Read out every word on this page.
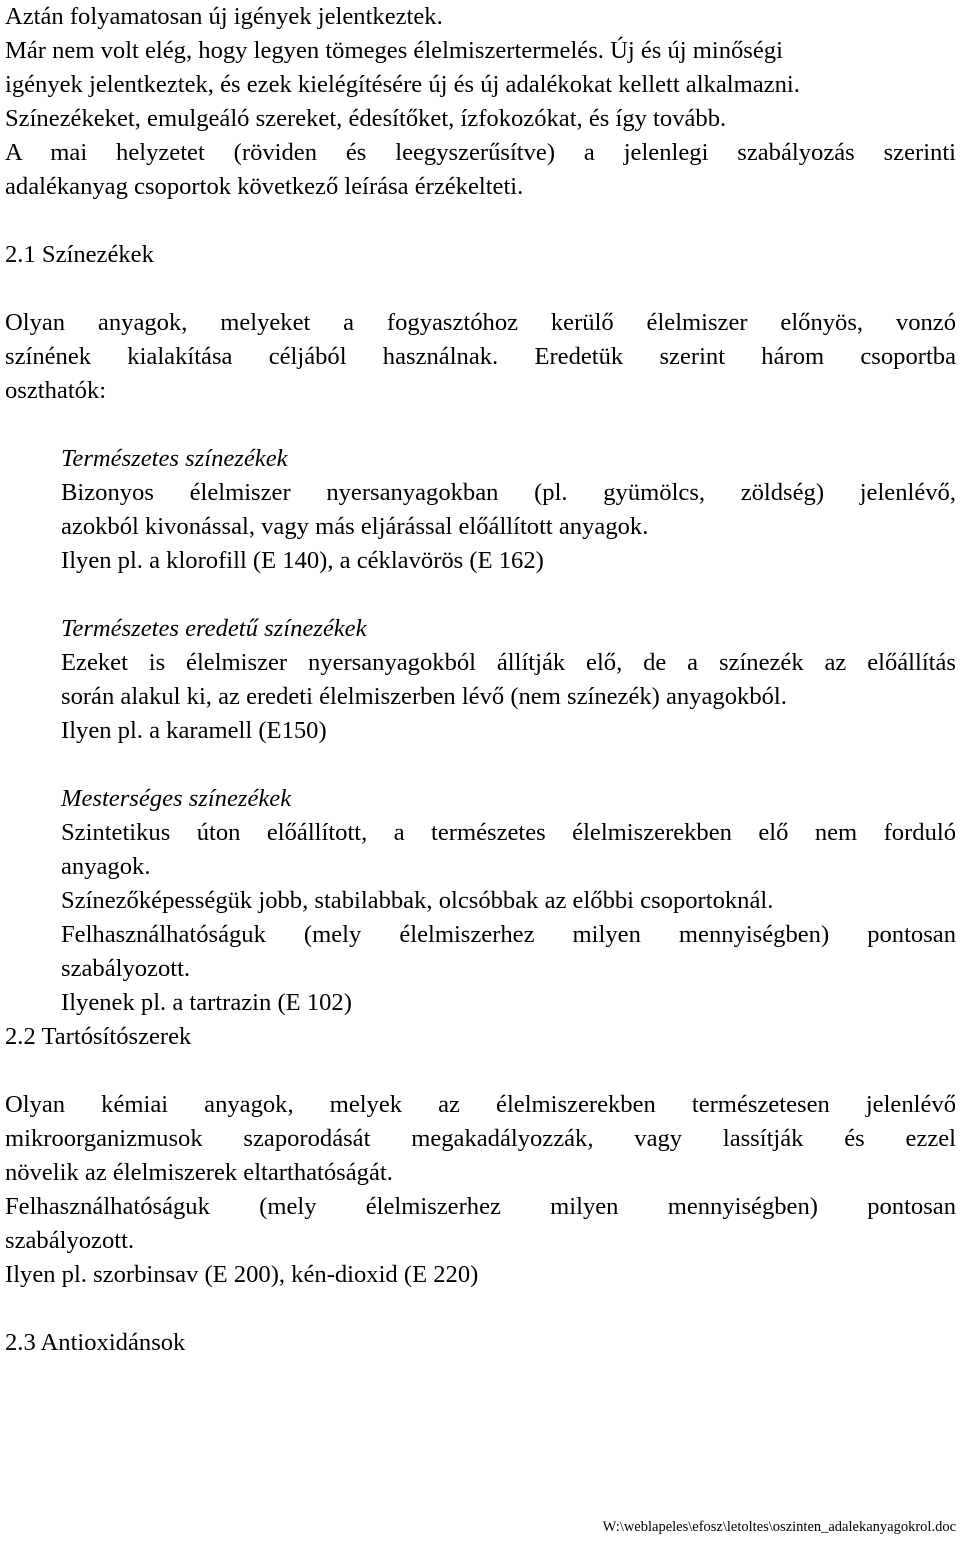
Aztán folyamatosan új igények jelentkeztek.
Már nem volt elég, hogy legyen tömeges élelmiszertermelés. Új és új minőségi
igények jelentkeztek, és ezek kielégítésére új és új adalékokat kellett alkalmazni.
Színezékeket, emulgeáló szereket, édesítőket, ízfokozókat, és így tovább.
A mai helyzetet (röviden és leegyszerűsítve) a jelenlegi szabályozás szerinti
adalékanyag csoportok következő leírása érzékelteti.
2.1 Színezékek
Olyan anyagok, melyeket a fogyasztóhoz kerülő élelmiszer előnyös, vonzó
színének kialakítása céljából használnak. Eredetük szerint három csoportba
oszthatók:
Természetes színezékek
Bizonyos élelmiszer nyersanyagokban (pl. gyümölcs, zöldség) jelenlévő,
azokból kivonással, vagy más eljárással előállított anyagok.
Ilyen pl. a klorofill (E 140), a céklavörös (E 162)
Természetes eredetű színezékek
Ezeket is élelmiszer nyersanyagokból állítják elő, de a színezék az előállítás
során alakul ki, az eredeti élelmiszerben lévő (nem színezék) anyagokból.
Ilyen pl. a karamell (E150)
Mesterséges színezékek
Szintetikus úton előállított, a természetes élelmiszerekben elő nem forduló
anyagok.
Színezőképességük jobb, stabilabbak, olcsóbbak az előbbi csoportoknál.
Felhasználhatóságuk (mely élelmiszerhez milyen mennyiségben) pontosan
szabályozott.
Ilyenek pl. a tartrazin (E 102)
2.2 Tartósítószerek
Olyan kémiai anyagok, melyek az élelmiszerekben természetesen jelenlévő
mikroorganizmusok szaporodását megakadályozzák, vagy lassítják és ezzel
növelik az élelmiszerek eltarthatóságát.
Felhasználhatóságuk (mely élelmiszerhez milyen mennyiségben) pontosan
szabályozott.
Ilyen pl. szorbinsav (E 200), kén-dioxid (E 220)
2.3 Antioxidánsok
W:\weblapeles\efosz\letoltes\oszinten_adalekanyagokrol.doc
